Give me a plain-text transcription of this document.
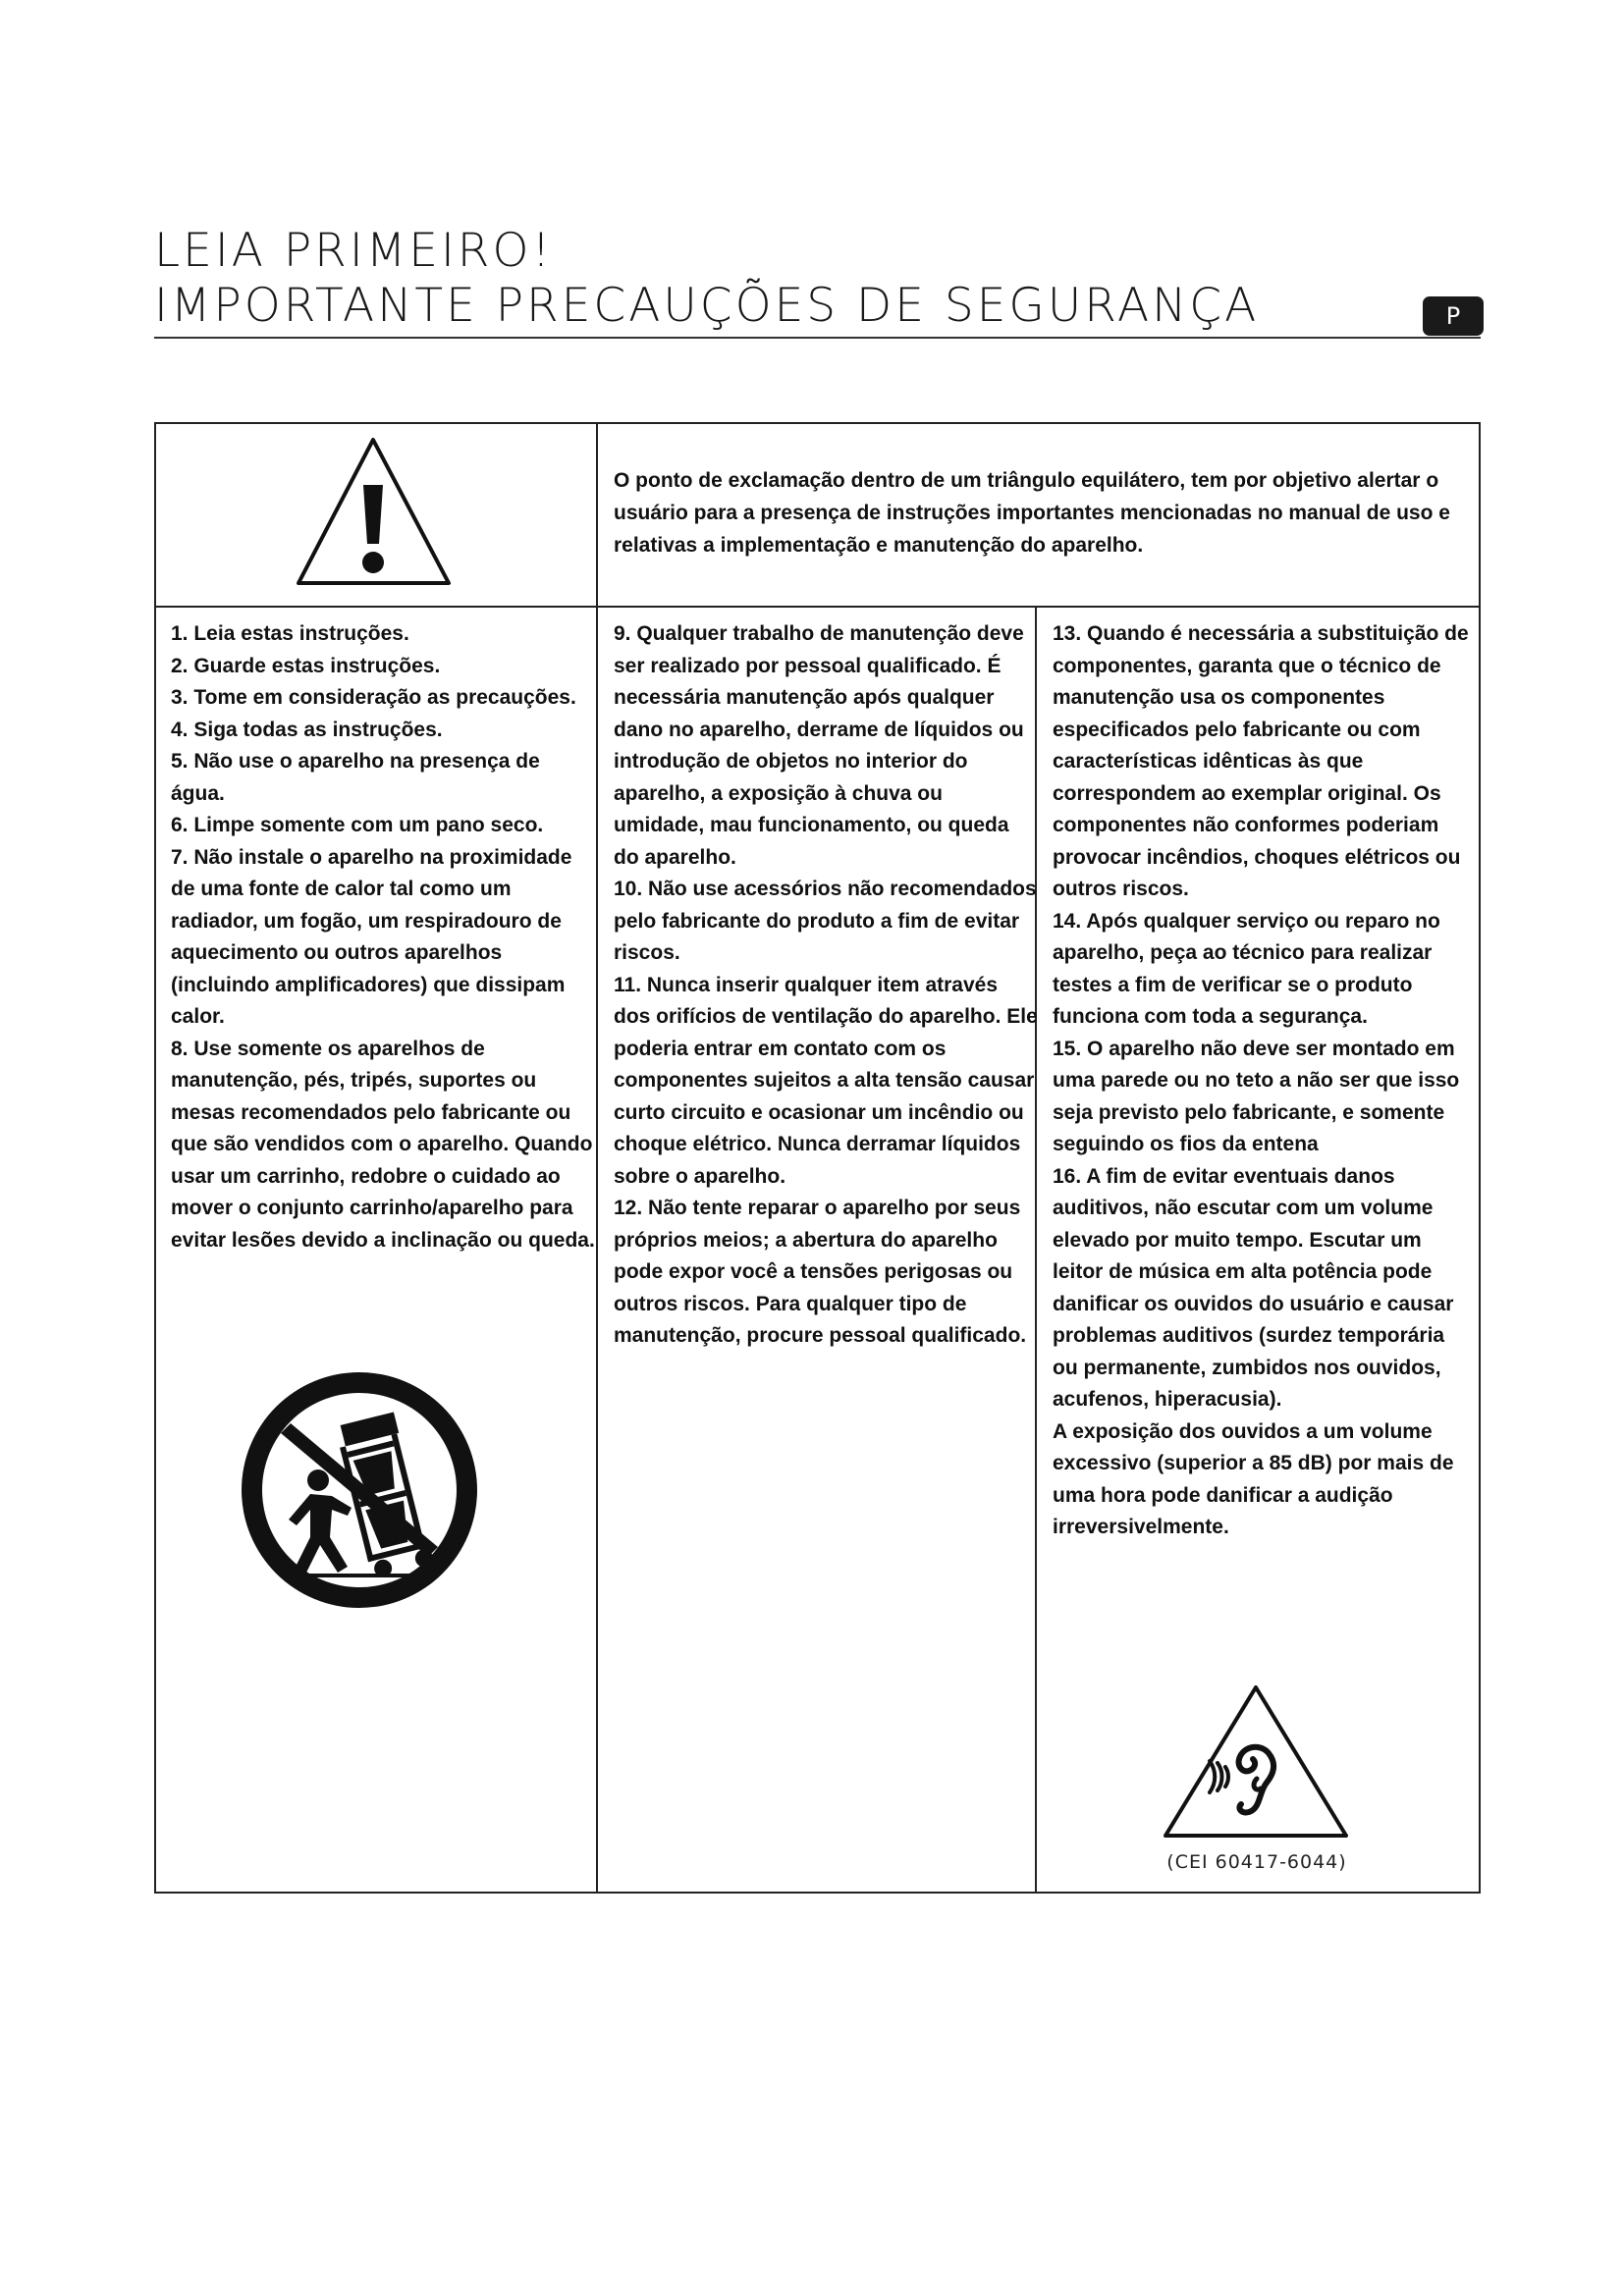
LEIA PRIMEIRO!
IMPORTANTE PRECAUÇÕES DE SEGURANÇA	P
O ponto de exclamação dentro de um triângulo equilátero, tem por objetivo alertar o usuário para a presença de instruções importantes mencionadas no manual de uso e relativas a implementação e manutenção do aparelho.

1. Leia estas instruções.

2. Guarde estas instruções.

3. Tome em consideração as precauções.

4. Siga todas as instruções.

5. Não use o aparelho na presença de água.

6. Limpe somente com um pano seco.

7. Não instale o aparelho na proximidade de uma fonte de calor tal como um radiador, um fogão, um respiradouro de aquecimento ou outros aparelhos (incluindo amplificadores) que dissipam calor.

8. Use somente os aparelhos de manutenção, pés, tripés, suportes ou mesas recomendados pelo fabricante ou que são vendidos com o aparelho. Quando usar um carrinho, redobre o cuidado ao mover o conjunto carrinho/aparelho para evitar lesões devido a inclinação ou queda.

9. Qualquer trabalho de manutenção deve ser realizado por pessoal qualificado. É necessária manutenção após qualquer dano no aparelho, derrame de líquidos ou introdução de objetos no interior do aparelho, a exposição à chuva ou umidade, mau funcionamento, ou queda do aparelho.

10. Não use acessórios não recomendados pelo fabricante do produto a fim de evitar riscos.

11. Nunca inserir qualquer item através dos orifícios de ventilação do aparelho. Ele poderia entrar em contato com os componentes sujeitos a alta tensão causar curto circuito e ocasionar um incêndio ou choque elétrico. Nunca derramar líquidos sobre o aparelho.

12. Não tente reparar o aparelho por seus próprios meios; a abertura do aparelho pode expor você a tensões perigosas ou outros riscos. Para qualquer tipo de manutenção, procure pessoal qualificado.

13. Quando é necessária a substituição de componentes, garanta que o técnico de manutenção usa os componentes especificados pelo fabricante ou com características idênticas às que correspondem ao exemplar original. Os componentes não conformes poderiam provocar incêndios, choques elétricos ou outros riscos.

14. Após qualquer serviço ou reparo no aparelho, peça ao técnico para realizar testes a fim de verificar se o produto funciona com toda a segurança.

15. O aparelho não deve ser montado em uma parede ou no teto a não ser que isso seja previsto pelo fabricante, e somente seguindo os fios da entena

16. A fim de evitar eventuais danos auditivos, não escutar com um volume elevado por muito tempo. Escutar um leitor de música em alta potência pode danificar os ouvidos do usuário e causar problemas auditivos (surdez temporária ou permanente, zumbidos nos ouvidos, acufenos, hiperacusia).

A exposição dos ouvidos a um volume excessivo (superior a 85 dB) por mais de uma hora pode danificar a audição irreversivelmente.

(CEI 60417-6044)
